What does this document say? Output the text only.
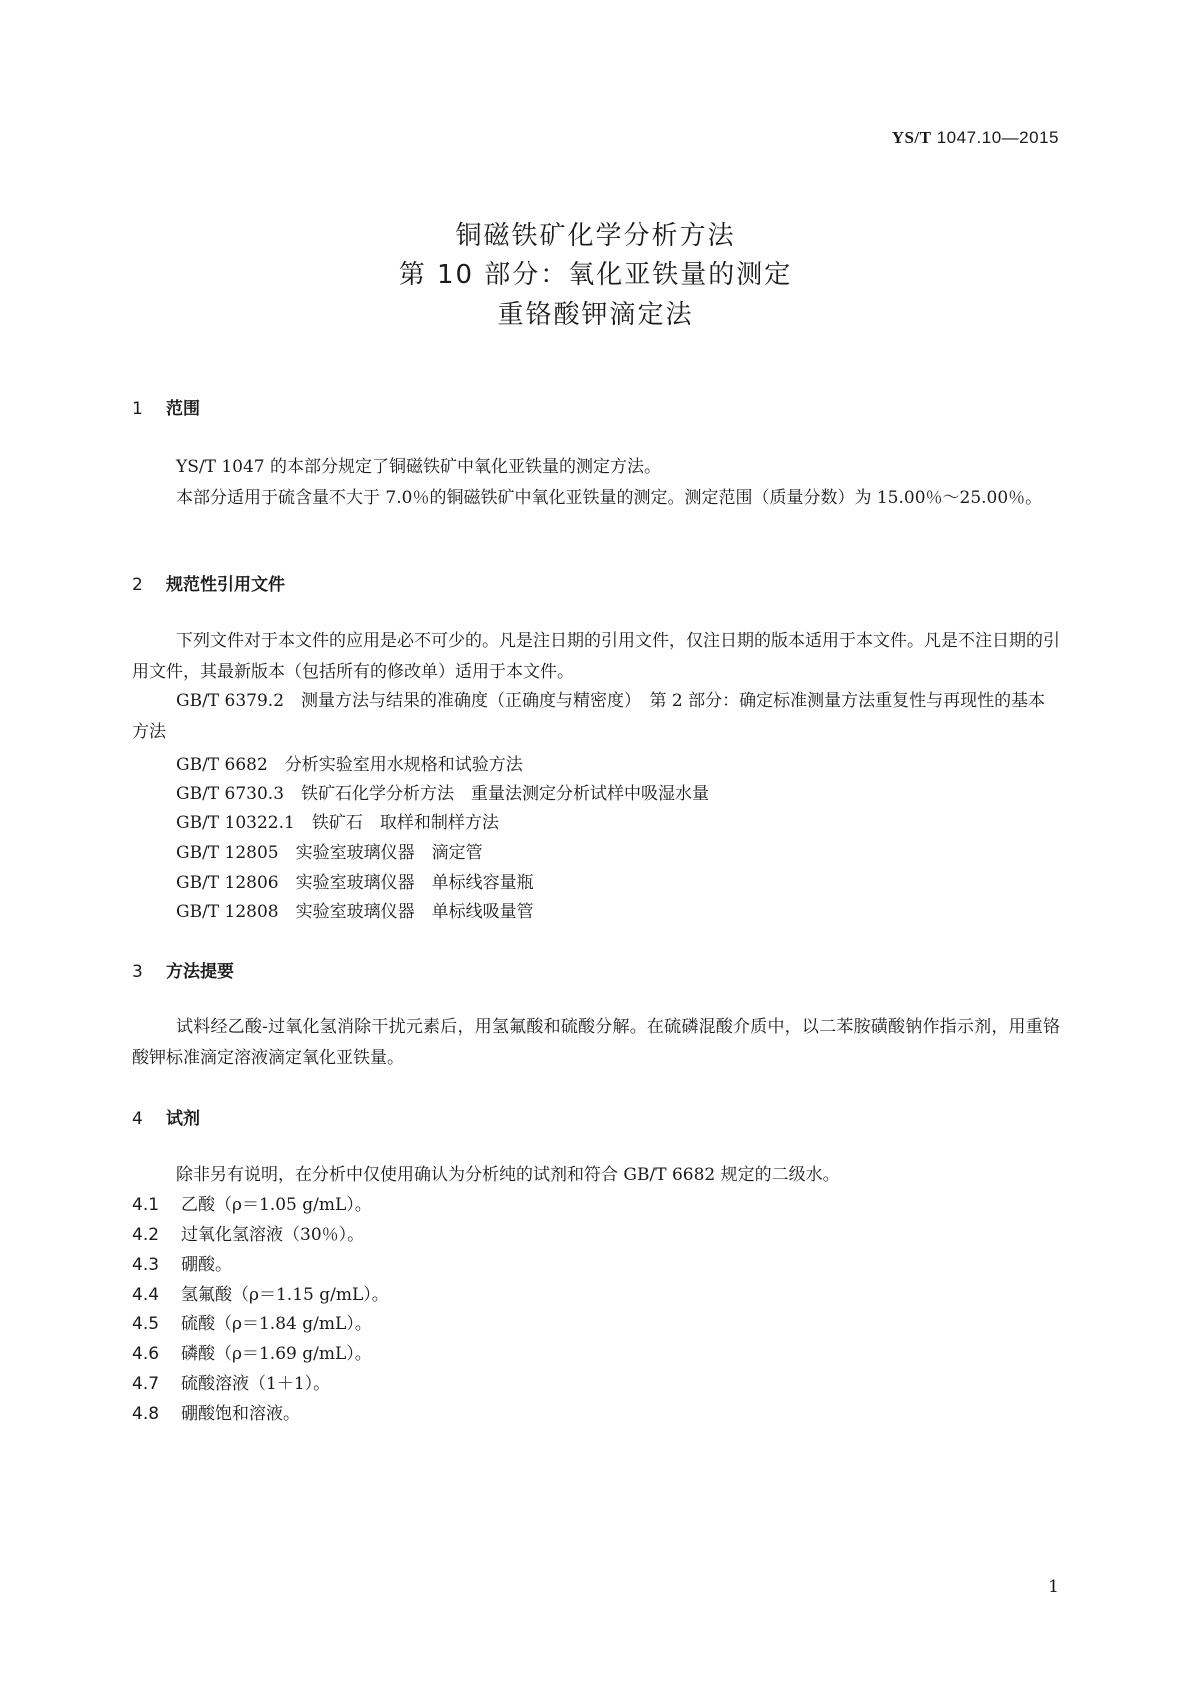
YS/T 1047.10—2015
铜磁铁矿化学分析方法
第 10 部分：氧化亚铁量的测定
重铬酸钾滴定法
1 范围

YS/T 1047 的本部分规定了铜磁铁矿中氧化亚铁量的测定方法。

本部分适用于硫含量不大于 7.0％的铜磁铁矿中氧化亚铁量的测定。测定范围（质量分数）为 15.00％～25.00％。

2 规范性引用文件

下列文件对于本文件的应用是必不可少的。凡是注日期的引用文件，仅注日期的版本适用于本文件。凡是不注日期的引用文件，其最新版本（包括所有的修改单）适用于本文件。

GB/T 6379.2　测量方法与结果的准确度（正确度与精密度）　第 2 部分：确定标准测量方法重复性与再现性的基本方法

GB/T 6682　分析实验室用水规格和试验方法
GB/T 6730.3　铁矿石化学分析方法　重量法测定分析试样中吸湿水量
GB/T 10322.1　铁矿石　取样和制样方法
GB/T 12805　实验室玻璃仪器　滴定管
GB/T 12806　实验室玻璃仪器　单标线容量瓶
GB/T 12808　实验室玻璃仪器　单标线吸量管
3 方法提要

试料经乙酸-过氧化氢消除干扰元素后，用氢氟酸和硫酸分解。在硫磷混酸介质中，以二苯胺磺酸钠作指示剂，用重铬酸钾标准滴定溶液滴定氧化亚铁量。

4 试剂
除非另有说明，在分析中仅使用确认为分析纯的试剂和符合 GB/T 6682 规定的二级水。
4.1 乙酸（ρ＝1.05 g/mL）。
4.2 过氧化氢溶液（30％）。
4.3 硼酸。
4.4 氢氟酸（ρ＝1.15 g/mL）。
4.5 硫酸（ρ＝1.84 g/mL）。
4.6 磷酸（ρ＝1.69 g/mL）。
4.7 硫酸溶液（1＋1）。
4.8 硼酸饱和溶液。
1
